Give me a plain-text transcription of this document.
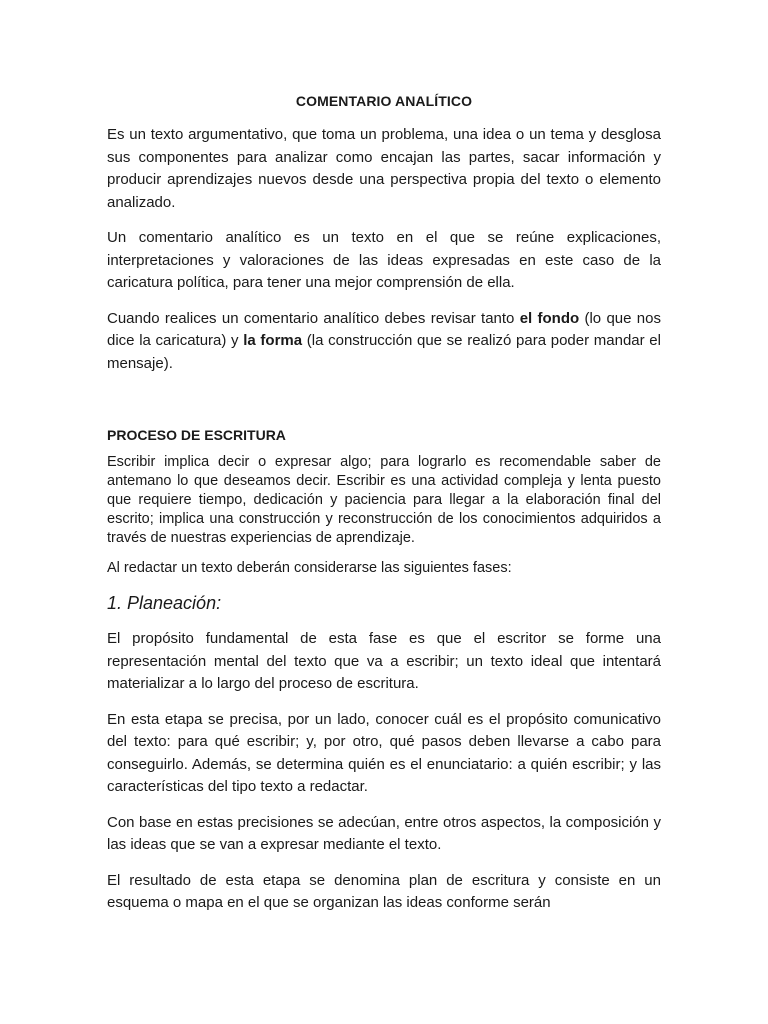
COMENTARIO ANALÍTICO

Es un texto argumentativo, que toma un problema, una idea o un tema y desglosa sus componentes para analizar como encajan las partes, sacar información y producir aprendizajes nuevos desde una perspectiva propia del texto o elemento analizado.

Un comentario analítico es un texto en el que se reúne explicaciones, interpretaciones y valoraciones de las ideas expresadas en este caso de la caricatura política, para tener una mejor comprensión de ella.

Cuando realices un comentario analítico debes revisar tanto el fondo (lo que nos dice la caricatura) y la forma (la construcción que se realizó para poder mandar el mensaje).

PROCESO DE ESCRITURA

Escribir implica decir o expresar algo; para lograrlo es recomendable saber de antemano lo que deseamos decir. Escribir es una actividad compleja y lenta puesto que requiere tiempo, dedicación y paciencia para llegar a la elaboración final del escrito; implica una construcción y reconstrucción de los conocimientos adquiridos a través de nuestras experiencias de aprendizaje.

Al redactar un texto deberán considerarse las siguientes fases:

1. Planeación:

El propósito fundamental de esta fase es que el escritor se forme una representación mental del texto que va a escribir; un texto ideal que intentará materializar a lo largo del proceso de escritura.

En esta etapa se precisa, por un lado, conocer cuál es el propósito comunicativo del texto: para qué escribir; y, por otro, qué pasos deben llevarse a cabo para conseguirlo. Además, se determina quién es el enunciatario: a quién escribir; y las características del tipo texto a redactar.

Con base en estas precisiones se adecúan, entre otros aspectos, la composición y las ideas que se van a expresar mediante el texto.

El resultado de esta etapa se denomina plan de escritura y consiste en un esquema o mapa en el que se organizan las ideas conforme serán
